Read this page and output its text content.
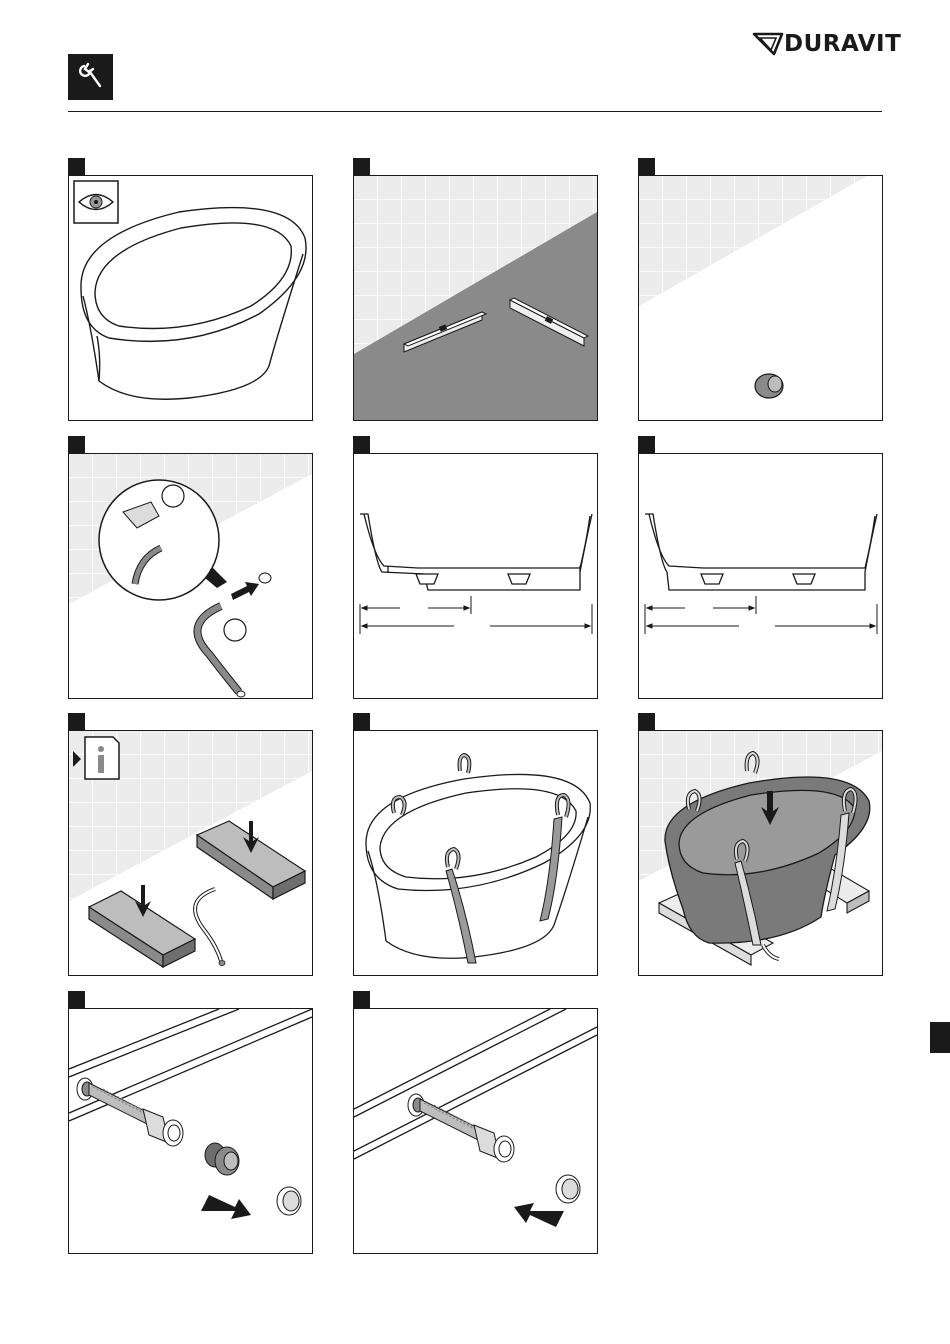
DURAVIT
